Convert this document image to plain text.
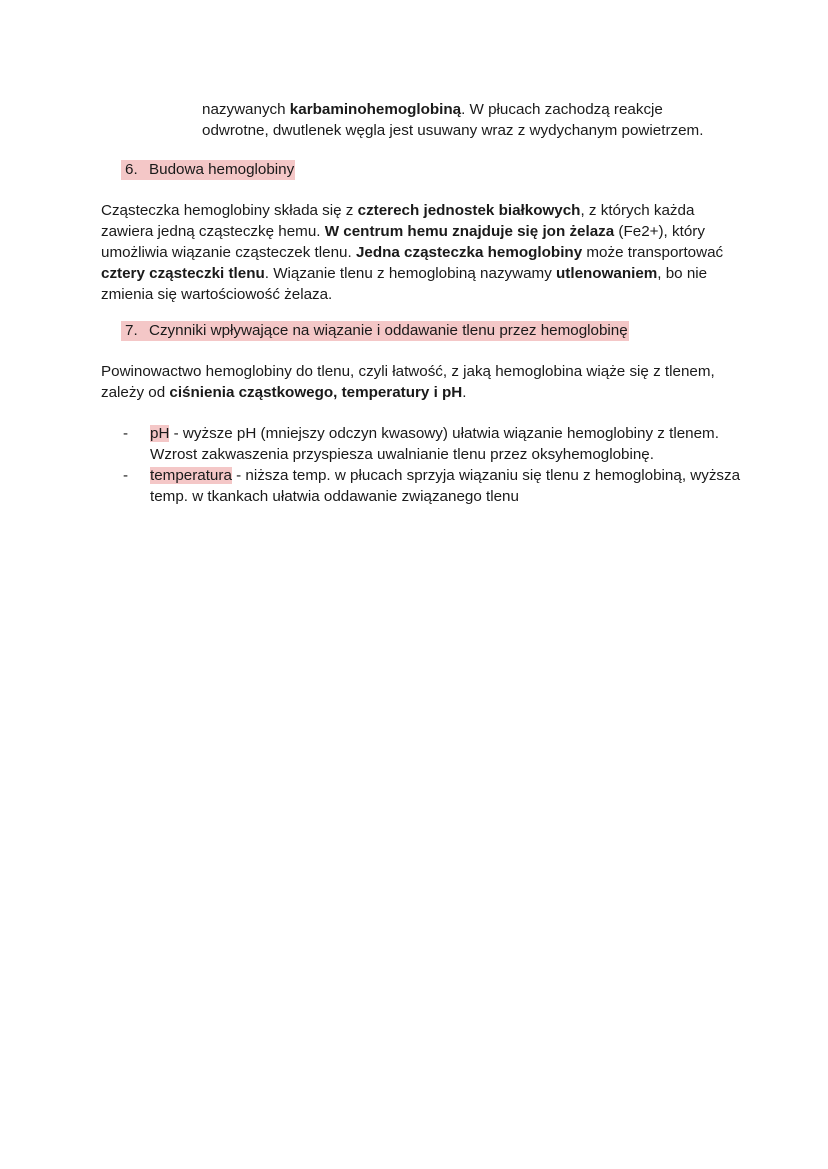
nazywanych karbaminohemoglobiną. W płucach zachodzą reakcje
odwrotne, dwutlenek węgla jest usuwany wraz z wydychanym powietrzem.
6. Budowa hemoglobiny
Cząsteczka hemoglobiny składa się z czterech jednostek białkowych, z których każda zawiera jedną cząsteczkę hemu. W centrum hemu znajduje się jon żelaza (Fe2+), który umożliwia wiązanie cząsteczek tlenu. Jedna cząsteczka hemoglobiny może transportować cztery cząsteczki tlenu. Wiązanie tlenu z hemoglobiną nazywamy utlenowaniem, bo nie zmienia się wartościowość żelaza.
7. Czynniki wpływające na wiązanie i oddawanie tlenu przez hemoglobinę
Powinowactwo hemoglobiny do tlenu, czyli łatwość, z jaką hemoglobina wiąże się z tlenem, zależy od ciśnienia cząstkowego, temperatury i pH.
- pH - wyższe pH (mniejszy odczyn kwasowy) ułatwia wiązanie hemoglobiny z tlenem. Wzrost zakwaszenia przyspiesza uwalnianie tlenu przez oksyhemoglobinę.
- temperatura - niższa temp. w płucach sprzyja wiązaniu się tlenu z hemoglobiną, wyższa temp. w tkankach ułatwia oddawanie związanego tlenu
